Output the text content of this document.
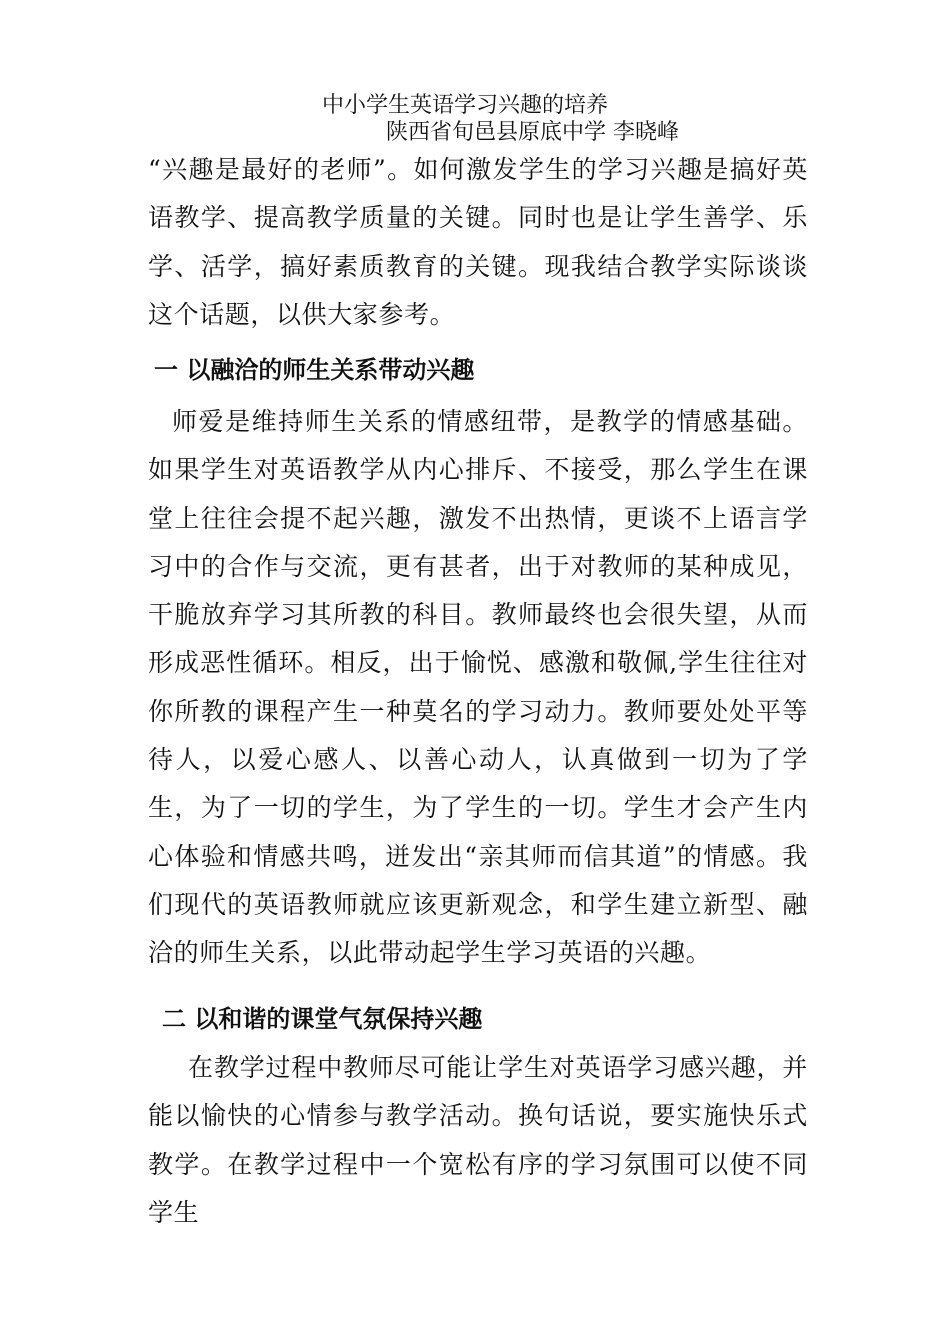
中小学生英语学习兴趣的培养
陕西省旬邑县原底中学 李晓峰

“兴趣是最好的老师”。如何激发学生的学习兴趣是搞好英语教学、提高教学质量的关键。同时也是让学生善学、乐学、活学，搞好素质教育的关键。现我结合教学实际谈谈这个话题，以供大家参考。

一 以融洽的师生关系带动兴趣

师爱是维持师生关系的情感纽带，是教学的情感基础。如果学生对英语教学从内心排斥、不接受，那么学生在课堂上往往会提不起兴趣，激发不出热情，更谈不上语言学习中的合作与交流，更有甚者，出于对教师的某种成见，干脆放弃学习其所教的科目。教师最终也会很失望，从而形成恶性循环。相反，出于愉悦、感激和敬佩,学生往往对你所教的课程产生一种莫名的学习动力。教师要处处平等待人，以爱心感人、以善心动人，认真做到一切为了学生，为了一切的学生，为了学生的一切。学生才会产生内心体验和情感共鸣，迸发出“亲其师而信其道”的情感。我们现代的英语教师就应该更新观念，和学生建立新型、融洽的师生关系，以此带动起学生学习英语的兴趣。

二 以和谐的课堂气氛保持兴趣

在教学过程中教师尽可能让学生对英语学习感兴趣，并能以愉快的心情参与教学活动。换句话说，要实施快乐式教学。在教学过程中一个宽松有序的学习氛围可以使不同学生
